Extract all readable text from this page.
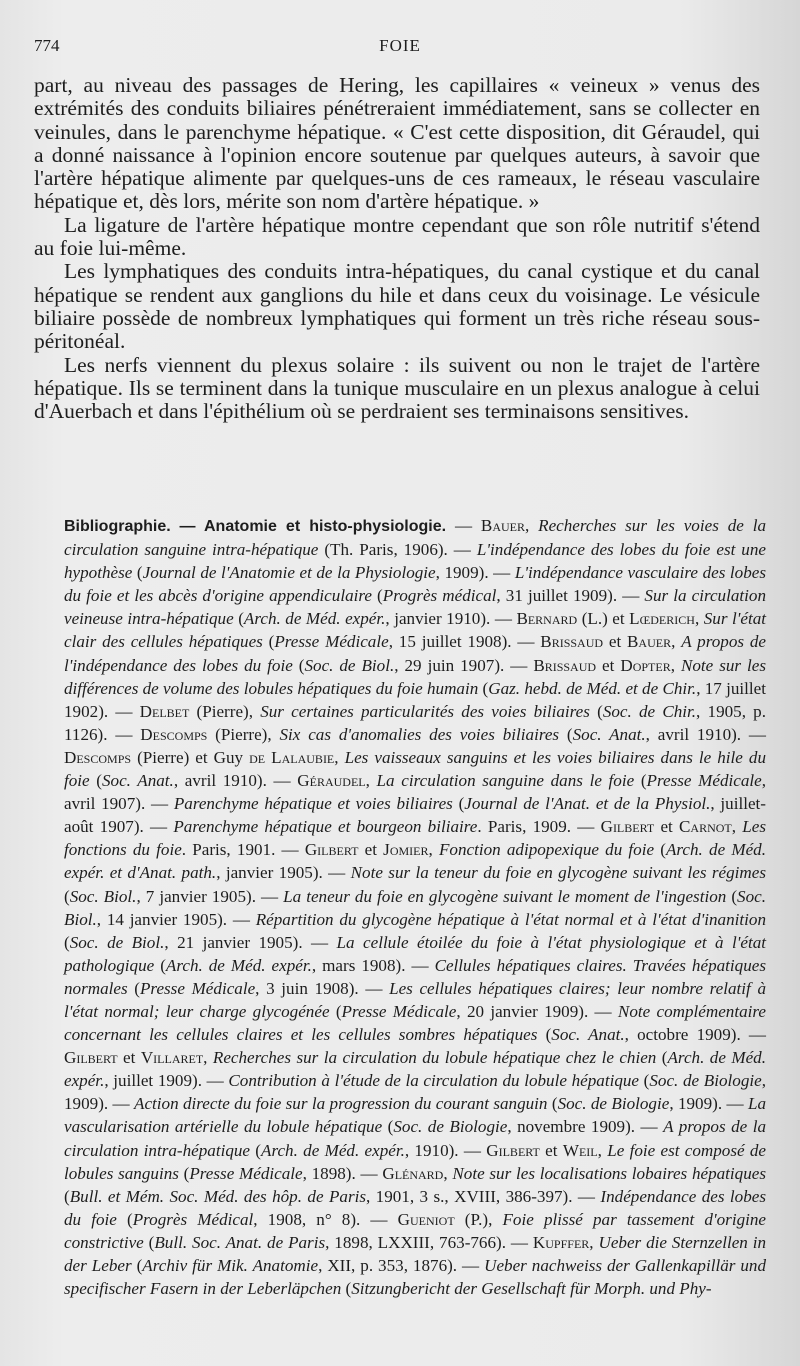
774	FOIE

part, au niveau des passages de Hering, les capillaires « veineux » venus des extrémités des conduits biliaires pénétreraient immédiatement, sans se collecter en veinules, dans le parenchyme hépatique. « C'est cette disposition, dit Géraudel, qui a donné naissance à l'opinion encore soutenue par quelques auteurs, à savoir que l'artère hépatique alimente par quelques-uns de ces rameaux, le réseau vasculaire hépatique et, dès lors, mérite son nom d'artère hépatique. »

La ligature de l'artère hépatique montre cependant que son rôle nutritif s'étend au foie lui-même.

Les lymphatiques des conduits intra-hépatiques, du canal cystique et du canal hépatique se rendent aux ganglions du hile et dans ceux du voisinage. Le vésicule biliaire possède de nombreux lymphatiques qui forment un très riche réseau sous-péritonéal.

Les nerfs viennent du plexus solaire : ils suivent ou non le trajet de l'artère hépatique. Ils se terminent dans la tunique musculaire en un plexus analogue à celui d'Auerbach et dans l'épithélium où se perdraient ses terminaisons sensitives.

Bibliographie. — Anatomie et histo-physiologie. — Bauer, Recherches sur les voies de la circulation sanguine intra-hépatique (Th. Paris, 1906). — L'indépendance des lobes du foie est une hypothèse (Journal de l'Anatomie et de la Physiologie, 1909). — L'indépendance vasculaire des lobes du foie et les abcès d'origine appendiculaire (Progrès médical, 31 juillet 1909). — Sur la circulation veineuse intra-hépatique (Arch. de Méd. expér., janvier 1910). — Bernard (L.) et Lœderich, Sur l'état clair des cellules hépatiques (Presse Médicale, 15 juillet 1908). — Brissaud et Bauer, A propos de l'indépendance des lobes du foie (Soc. de Biol., 29 juin 1907). — Brissaud et Dopter, Note sur les différences de volume des lobules hépatiques du foie humain (Gaz. hebd. de Méd. et de Chir., 17 juillet 1902). — Delbet (Pierre), Sur certaines particularités des voies biliaires (Soc. de Chir., 1905, p. 1126). — Descomps (Pierre), Six cas d'anomalies des voies biliaires (Soc. Anat., avril 1910). — Descomps (Pierre) et Guy de Lalaubie, Les vaisseaux sanguins et les voies biliaires dans le hile du foie (Soc. Anat., avril 1910). — Géraudel, La circulation sanguine dans le foie (Presse Médicale, avril 1907). — Parenchyme hépatique et voies biliaires (Journal de l'Anat. et de la Physiol., juillet-août 1907). — Parenchyme hépatique et bourgeon biliaire. Paris, 1909. — Gilbert et Carnot, Les fonctions du foie. Paris, 1901. — Gilbert et Jomier, Fonction adipopexique du foie (Arch. de Méd. expér. et d'Anat. path., janvier 1905). — Note sur la teneur du foie en glycogène suivant les régimes (Soc. Biol., 7 janvier 1905). — La teneur du foie en glycogène suivant le moment de l'ingestion (Soc. Biol., 14 janvier 1905). — Répartition du glycogène hépatique à l'état normal et à l'état d'inanition (Soc. de Biol., 21 janvier 1905). — La cellule étoilée du foie à l'état physiologique et à l'état pathologique (Arch. de Méd. expér., mars 1908). — Cellules hépatiques claires. Travées hépatiques normales (Presse Médicale, 3 juin 1908). — Les cellules hépatiques claires; leur nombre relatif à l'état normal; leur charge glycogénée (Presse Médicale, 20 janvier 1909). — Note complémentaire concernant les cellules claires et les cellules sombres hépatiques (Soc. Anat., octobre 1909). — Gilbert et Villaret, Recherches sur la circulation du lobule hépatique chez le chien (Arch. de Méd. expér., juillet 1909). — Contribution à l'étude de la circulation du lobule hépatique (Soc. de Biologie, 1909). — Action directe du foie sur la progression du courant sanguin (Soc. de Biologie, 1909). — La vascularisation artérielle du lobule hépatique (Soc. de Biologie, novembre 1909). — A propos de la circulation intra-hépatique (Arch. de Méd. expér., 1910). — Gilbert et Weil, Le foie est composé de lobules sanguins (Presse Médicale, 1898). — Glénard, Note sur les localisations lobaires hépatiques (Bull. et Mém. Soc. Méd. des hôp. de Paris, 1901, 3 s., XVIII, 386-397). — Indépendance des lobes du foie (Progrès Médical, 1908, n° 8). — Gueniot (P.), Foie plissé par tassement d'origine constrictive (Bull. Soc. Anat. de Paris, 1898, LXXIII, 763-766). — Kupffer, Ueber die Sternzellen in der Leber (Archiv für Mik. Anatomie, XII, p. 353, 1876). — Ueber nachweiss der Gallenkapillär und specifischer Fasern in der Leberläpchen (Sitzungbericht der Gesellschaft für Morph. und Phy-
